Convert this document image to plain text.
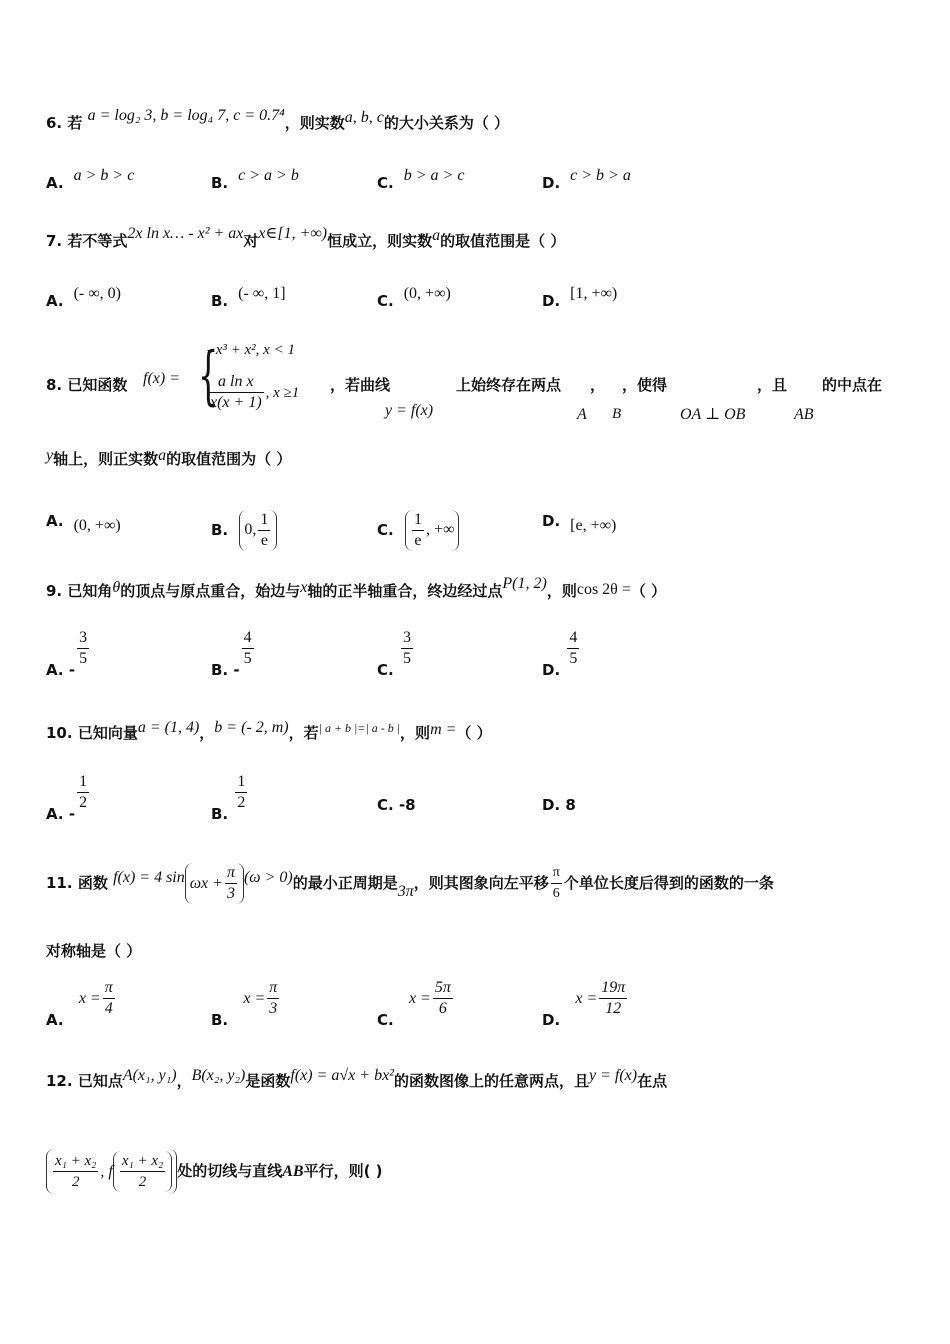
6. 若 a = log₂ 3, b = log₄ 7, c = 0.7⁴，则实数a, b, c的大小关系为（ ）
A. a > b > c	B. c > a > b	C. b > a > c	D. c > b > a
7. 若不等式2x ln x… - x² + ax对x∈[1, +∞)恒成立，则实数a的取值范围是（ ）
A. (- ∞, 0)	B. (- ∞, 1]	C. (0, +∞)	D. [1, +∞)
8. 已知函数 f(x) = {
- x³ + x², x < 1
$\frac{\text{a ln x}}{x(x + 1)}$ , x ≥1 ，若曲线
y = f(x)
上始终存在两点
A
，
B
，使得
OA ⊥ OB
，且
AB
的中点在
y轴上，则正实数a的取值范围为（ ）
A. (0, +∞)	B. 0, $\frac{1}{e}$	C. $\frac{1}{e}$ , +∞	D. [e, +∞)
9. 已知角θ的顶点与原点重合，始边与x轴的正半轴重合，终边经过点P(1, 2)，则cos 2θ =（ ）
A. -
$\frac{3}{5}$
B. -
$\frac{4}{5}$
C.
$\frac{3}{5}$
D.
$\frac{4}{5}$
10. 已知向量a = (1, 4)，b = (- 2, m)，若$^{| a + b |=| a - b |}$，则m =（ ）
A. -
$\frac{1}{2}$
B.
$\frac{1}{2}$	C. -8	D. 8
11. 函数 f(x) = 4 $\sin \omega x + \frac{\pi}{3} (\omega > 0)$的最小正周期是3π，则其图象向左平移 $\frac{\pi}{6}$ 个单位长度后得到的函数的一条
对称轴是（ ）
A. $x = \frac{\pi}{4}$
B. $x = \frac{\pi}{3}$
C. $x = \frac{5\pi}{6}$
D. $x = \frac{19\pi}{12}$
12. 已知点A(x₁, y₁)，B(x₂, y₂)是函数f(x) = a√x + bx²的函数图像上的任意两点，且y = f(x)在点
$\frac{\text{x₁ + x₂}}{2}$ , f $\frac{\text{x₁ + x₂}}{2}$ 处的切线与直线AB平行，则( )
